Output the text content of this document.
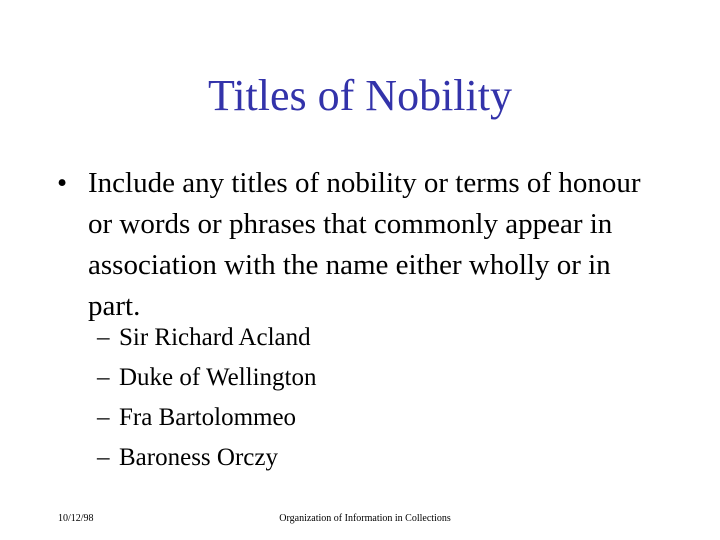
Titles of Nobility
• Include any titles of nobility or terms of honour or words or phrases that commonly appear in association with the name either wholly or in part.
– Sir Richard Acland
– Duke of Wellington
– Fra Bartolommeo
– Baroness Orczy
10/12/98	Organization of Information in Collections
